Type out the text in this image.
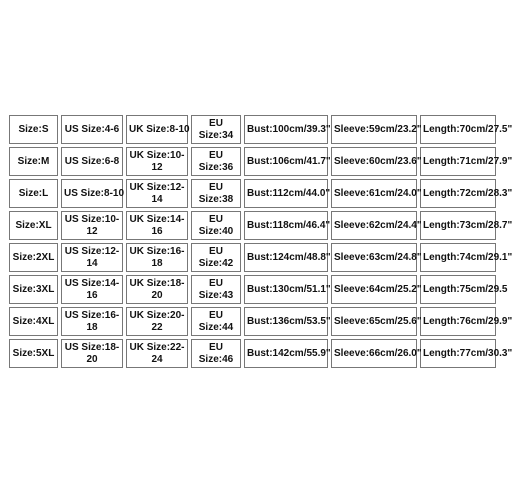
Size:S	US Size:4-6	UK Size:8-10	EU Size:34	Bust:100cm/39.3"	Sleeve:59cm/23.2"	Length:70cm/27.5"
Size:M	US Size:6-8	UK Size:10-12	EU Size:36	Bust:106cm/41.7"	Sleeve:60cm/23.6"	Length:71cm/27.9"
Size:L	US Size:8-10	UK Size:12-14	EU Size:38	Bust:112cm/44.0"	Sleeve:61cm/24.0"	Length:72cm/28.3"
Size:XL	US Size:10-12	UK Size:14-16	EU Size:40	Bust:118cm/46.4"	Sleeve:62cm/24.4"	Length:73cm/28.7"
Size:2XL	US Size:12-14	UK Size:16-18	EU Size:42	Bust:124cm/48.8"	Sleeve:63cm/24.8"	Length:74cm/29.1"
Size:3XL	US Size:14-16	UK Size:18-20	EU Size:43	Bust:130cm/51.1"	Sleeve:64cm/25.2"	Length:75cm/29.5
Size:4XL	US Size:16-18	UK Size:20-22	EU Size:44	Bust:136cm/53.5"	Sleeve:65cm/25.6"	Length:76cm/29.9"
Size:5XL	US Size:18-20	UK Size:22-24	EU Size:46	Bust:142cm/55.9"	Sleeve:66cm/26.0"	Length:77cm/30.3"
